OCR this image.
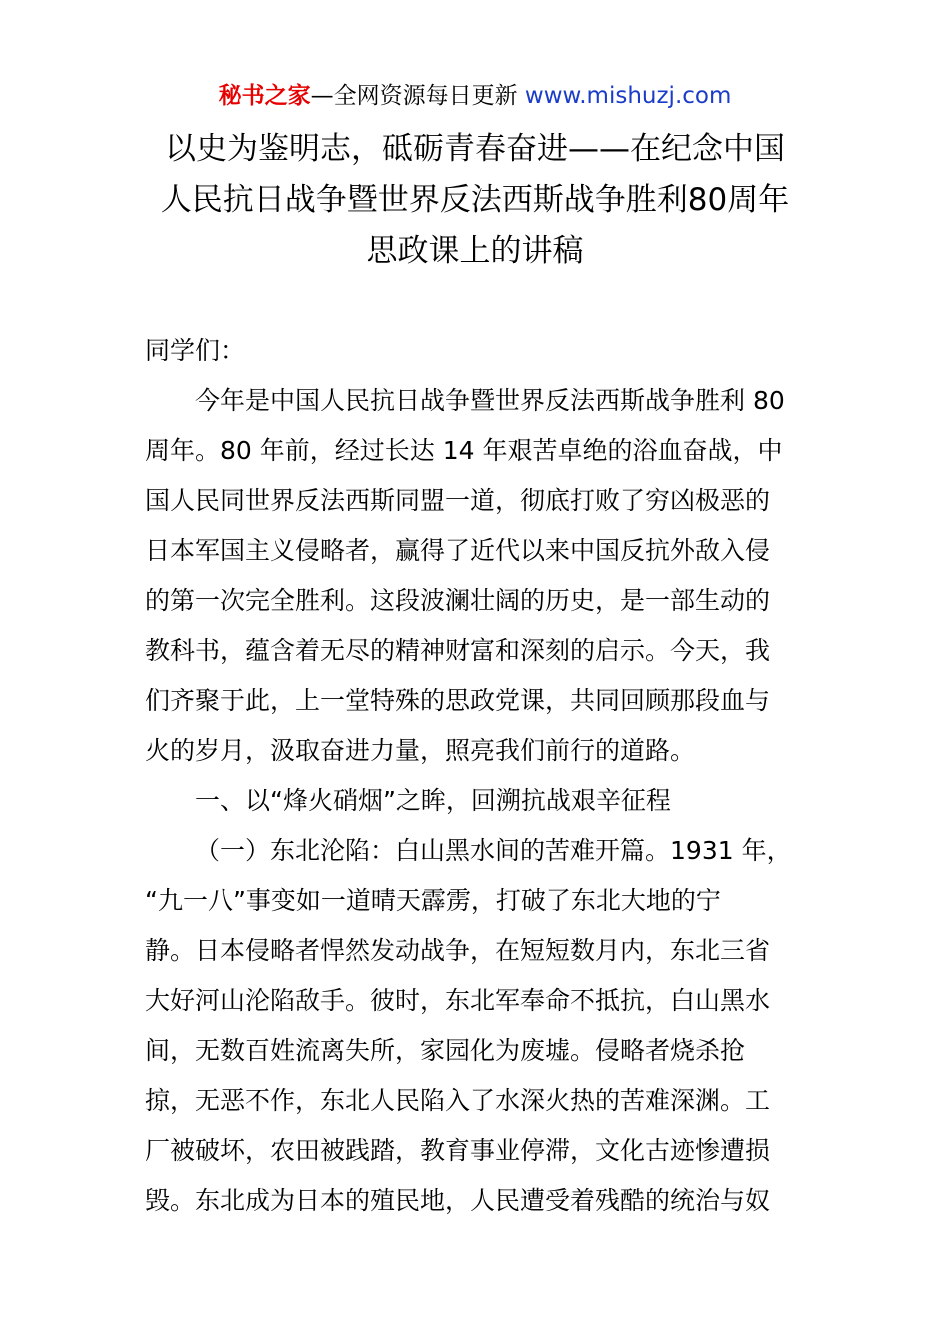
秘书之家—全网资源每日更新 www.mishuzj.com
以史为鉴明志，砥砺青春奋进——在纪念中国
人民抗日战争暨世界反法西斯战争胜利80周年
思政课上的讲稿
同学们：
今年是中国人民抗日战争暨世界反法西斯战争胜利 80
周年。80 年前，经过长达 14 年艰苦卓绝的浴血奋战，中
国人民同世界反法西斯同盟一道，彻底打败了穷凶极恶的
日本军国主义侵略者，赢得了近代以来中国反抗外敌入侵
的第一次完全胜利。这段波澜壮阔的历史，是一部生动的
教科书，蕴含着无尽的精神财富和深刻的启示。今天，我
们齐聚于此，上一堂特殊的思政党课，共同回顾那段血与
火的岁月，汲取奋进力量，照亮我们前行的道路。
一、以“烽火硝烟”之眸，回溯抗战艰辛征程
（一）东北沦陷：白山黑水间的苦难开篇。1931 年，
“九一八”事变如一道晴天霹雳，打破了东北大地的宁
静。日本侵略者悍然发动战争，在短短数月内，东北三省
大好河山沦陷敌手。彼时，东北军奉命不抵抗，白山黑水
间，无数百姓流离失所，家园化为废墟。侵略者烧杀抢
掠，无恶不作，东北人民陷入了水深火热的苦难深渊。工
厂被破坏，农田被践踏，教育事业停滞，文化古迹惨遭损
毁。东北成为日本的殖民地，人民遭受着残酷的统治与奴
